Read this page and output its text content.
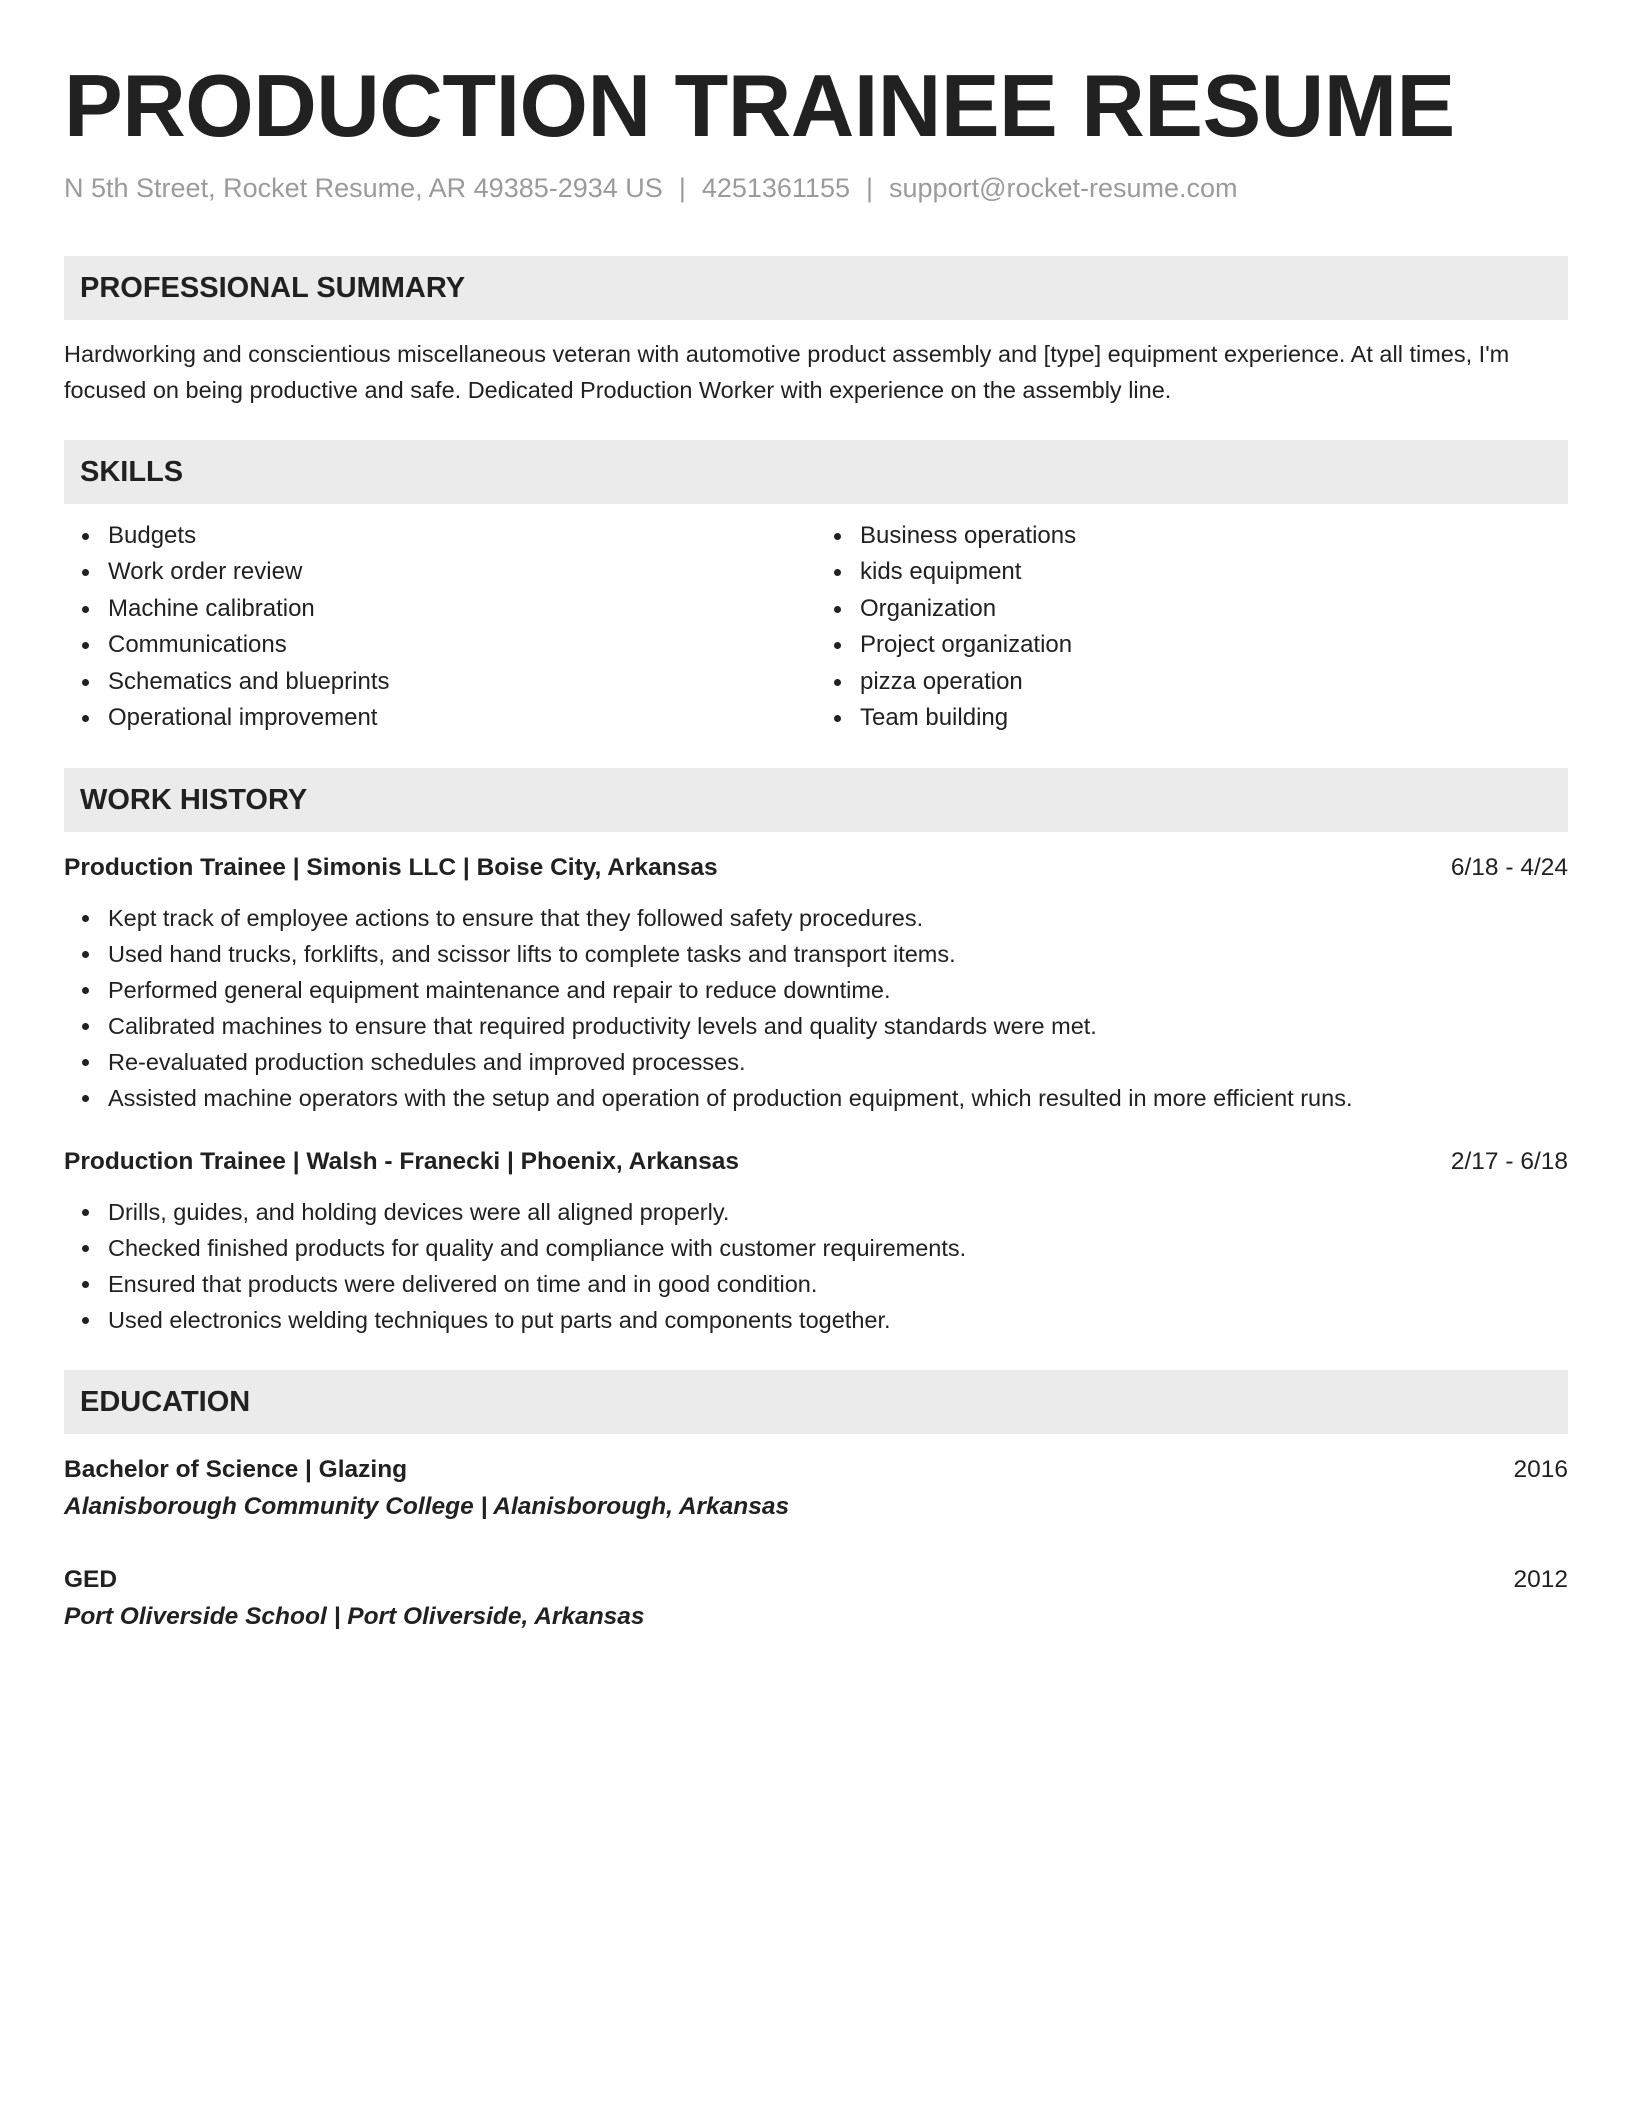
PRODUCTION TRAINEE RESUME
N 5th Street, Rocket Resume, AR 49385-2934 US | 4251361155 | support@rocket-resume.com
PROFESSIONAL SUMMARY
Hardworking and conscientious miscellaneous veteran with automotive product assembly and [type] equipment experience. At all times, I'm focused on being productive and safe. Dedicated Production Worker with experience on the assembly line.
SKILLS
Budgets
Work order review
Machine calibration
Communications
Schematics and blueprints
Operational improvement
Business operations
kids equipment
Organization
Project organization
pizza operation
Team building
WORK HISTORY
Production Trainee | Simonis LLC | Boise City, Arkansas	6/18 - 4/24
Kept track of employee actions to ensure that they followed safety procedures.
Used hand trucks, forklifts, and scissor lifts to complete tasks and transport items.
Performed general equipment maintenance and repair to reduce downtime.
Calibrated machines to ensure that required productivity levels and quality standards were met.
Re-evaluated production schedules and improved processes.
Assisted machine operators with the setup and operation of production equipment, which resulted in more efficient runs.
Production Trainee | Walsh - Franecki | Phoenix, Arkansas	2/17 - 6/18
Drills, guides, and holding devices were all aligned properly.
Checked finished products for quality and compliance with customer requirements.
Ensured that products were delivered on time and in good condition.
Used electronics welding techniques to put parts and components together.
EDUCATION
Bachelor of Science | Glazing	2016
Alanisborough Community College | Alanisborough, Arkansas
GED	2012
Port Oliverside School | Port Oliverside, Arkansas
